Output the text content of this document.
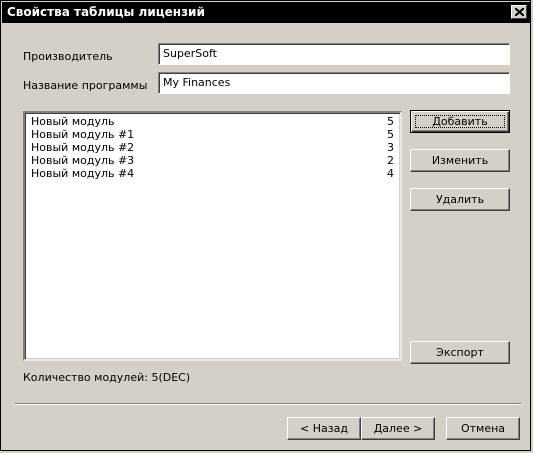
Свойства таблицы лицензий
Производитель	SuperSoft
Название программы	My Finances
Новый модуль	5
Новый модуль #1	5
Новый модуль #2	3
Новый модуль #3	2
Новый модуль #4	4
Добавить
Изменить
Удалить
Экспорт
Количество модулей: 5(DEC)
< Назад	Далее >	Отмена
